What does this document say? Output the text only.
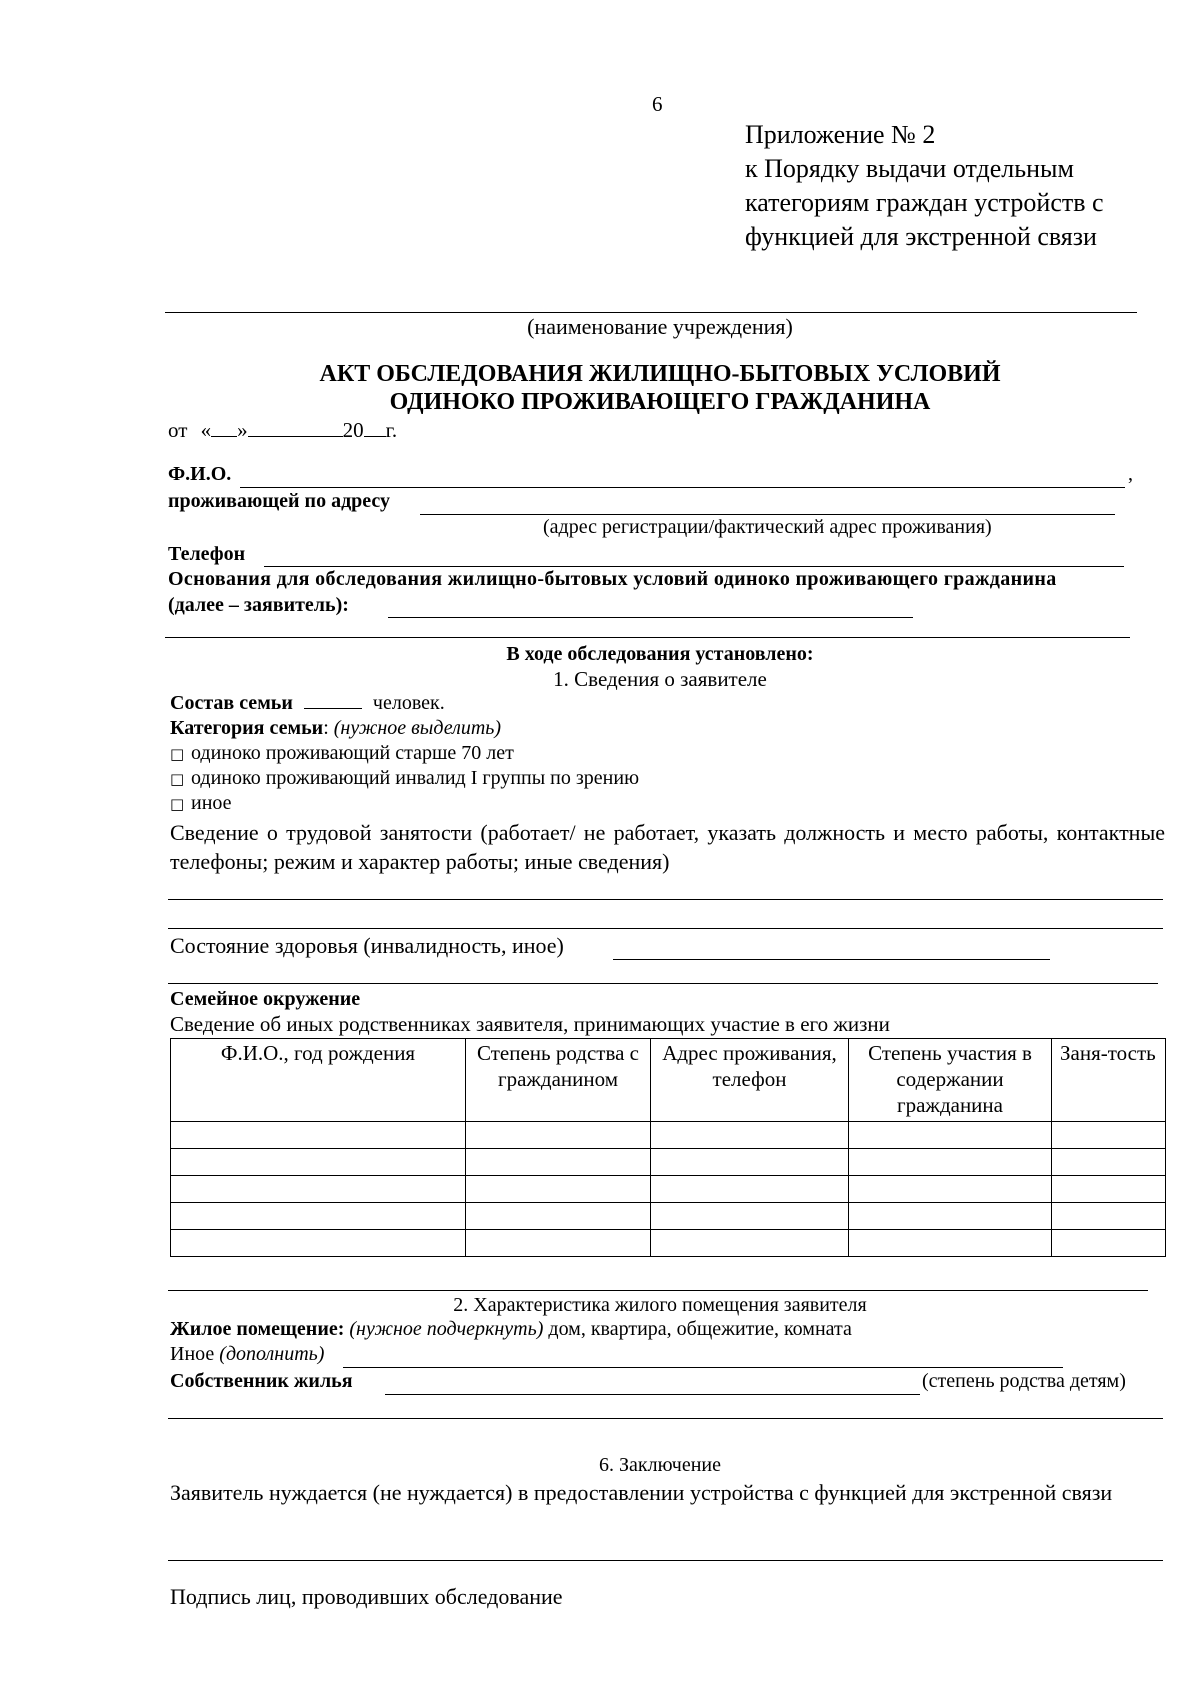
6
Приложение № 2
к Порядку выдачи отдельным
категориям граждан устройств с
функцией для экстренной связи
(наименование учреждения)
АКТ ОБСЛЕДОВАНИЯ ЖИЛИЩНО-БЫТОВЫХ УСЛОВИЙ
ОДИНОКО ПРОЖИВАЮЩЕГО ГРАЖДАНИНА
от « »	20 г.
Ф.И.О.	,
проживающей по адресу
(адрес регистрации/фактический адрес проживания)
Телефон
Основания для обследования жилищно-бытовых условий одиноко проживающего гражданина
(далее – заявитель):
В ходе обследования установлено:
1. Сведения о заявителе
Состав семьи	человек.
Категория семьи: (нужное выделить)
□ одиноко проживающий старше 70 лет
□ одиноко проживающий инвалид I группы по зрению
□ иное
Сведение о трудовой занятости (работает/ не работает, указать должность и место работы, контактные телефоны; режим и характер работы; иные сведения)
Состояние здоровья (инвалидность, иное)
Семейное окружение
Сведение об иных родственниках заявителя, принимающих участие в его жизни
Ф.И.О., год рождения	Степень родства с гражданином	Адрес проживания, телефон	Степень участия в содержании гражданина	Заня-тость

2. Характеристика жилого помещения заявителя
Жилое помещение: (нужное подчеркнуть) дом, квартира, общежитие, комната
Иное (дополнить)
Собственник жилья	(степень родства детям)
6. Заключение
Заявитель нуждается (не нуждается) в предоставлении устройства с функцией для экстренной связи
Подпись лиц, проводивших обследование
